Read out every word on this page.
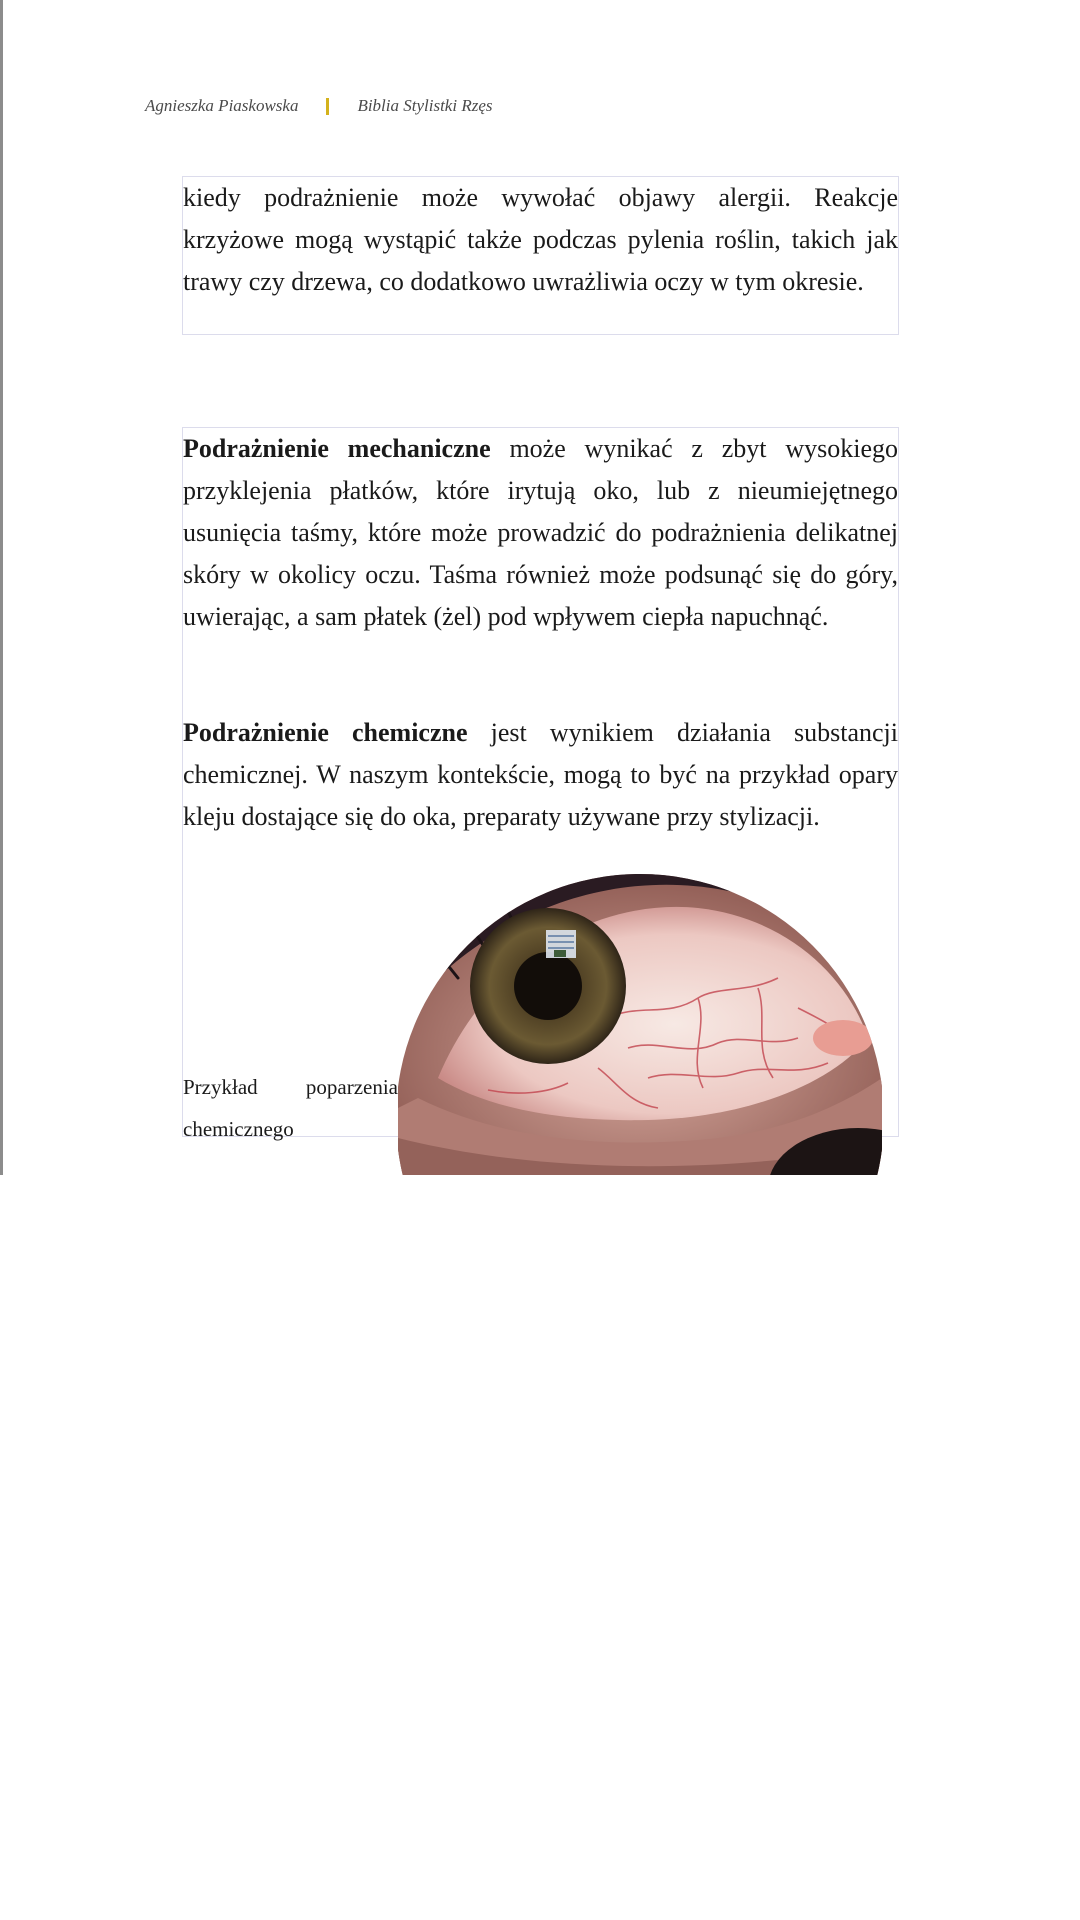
Agnieszka Piaskowska	Biblia Stylistki Rzęs

kiedy podrażnienie może wywołać objawy alergii. Reakcje krzyżowe mogą wystąpić także podczas pylenia roślin, takich jak trawy czy drzewa, co dodatkowo uwrażliwia oczy w tym okresie.

Podrażnienie mechaniczne może wynikać z zbyt wysokiego przyklejenia płatków, które irytują oko, lub z nieumiejętnego usunięcia taśmy, które może prowadzić do podrażnienia delikatnej skóry w okolicy oczu. Taśma również może podsunąć się do góry, uwierając, a sam płatek (żel) pod wpływem ciepła napuchnąć.

Podrażnienie chemiczne jest wynikiem działania substancji chemicznej. W naszym kontekście, mogą to być na przykład opary kleju dostające się do oka, preparaty używane przy stylizacji.

Przykład poparzenia
chemicznego
